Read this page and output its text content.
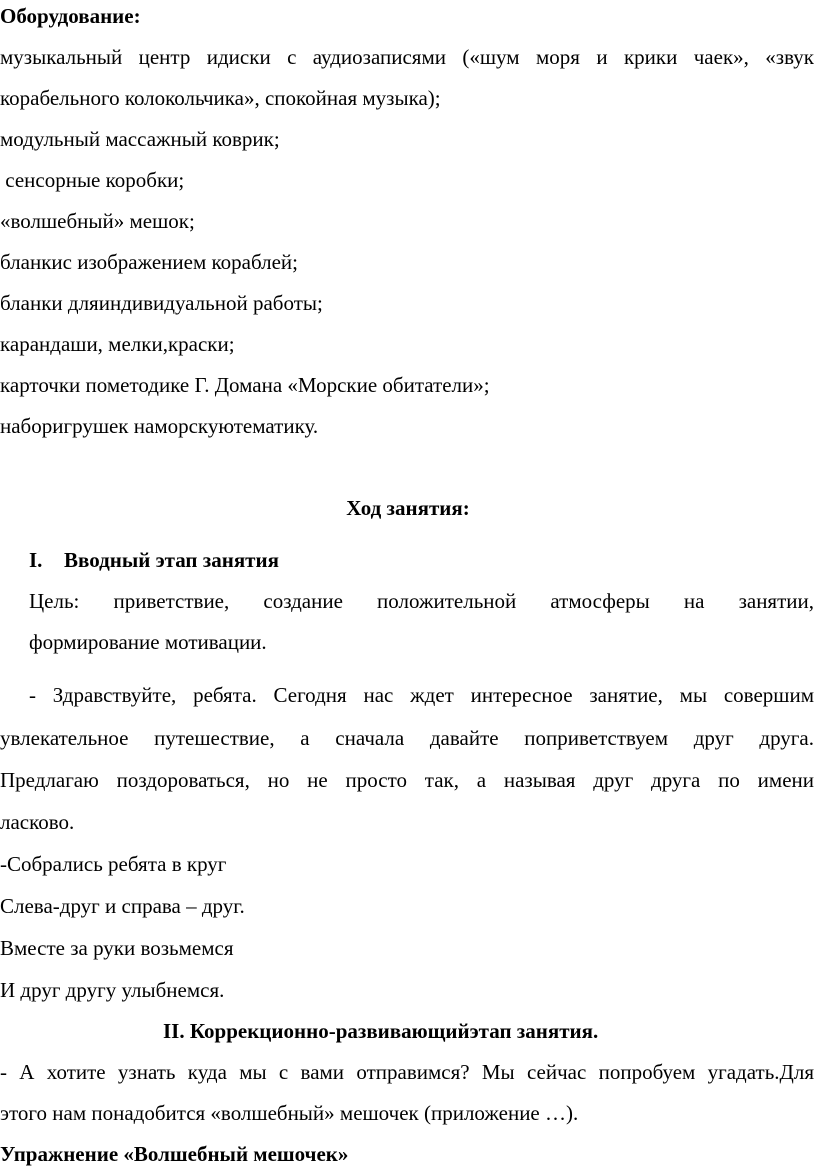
Оборудование:
музыкальный центр идиски с аудиозаписями («шум моря и крики чаек», «звук
корабельного колокольчика», спокойная музыка);
модульный массажный коврик;
сенсорные коробки;
«волшебный» мешок;
бланкис изображением кораблей;
бланки дляиндивидуальной работы;
карандаши, мелки,краски;
карточки пометодике Г. Домана «Морские обитатели»;
наборигрушек наморскуютематику.
Ход занятия:
I. Вводный этап занятия
Цель: приветствие, создание положительной атмосферы на занятии,
формирование мотивации.
- Здравствуйте, ребята. Сегодня нас ждет интересное занятие, мы совершим
увлекательное путешествие, а сначала давайте поприветствуем друг друга.
Предлагаю поздороваться, но не просто так, а называя друг друга по имени
ласково.
-Собрались ребята в круг
Слева-друг и справа – друг.
Вместе за руки возьмемся
И друг другу улыбнемся.
II. Коррекционно-развивающийэтап занятия.
- А хотите узнать куда мы с вами отправимся? Мы сейчас попробуем угадать.Для
этого нам понадобится «волшебный» мешочек (приложение …).
Упражнение «Волшебный мешочек»
